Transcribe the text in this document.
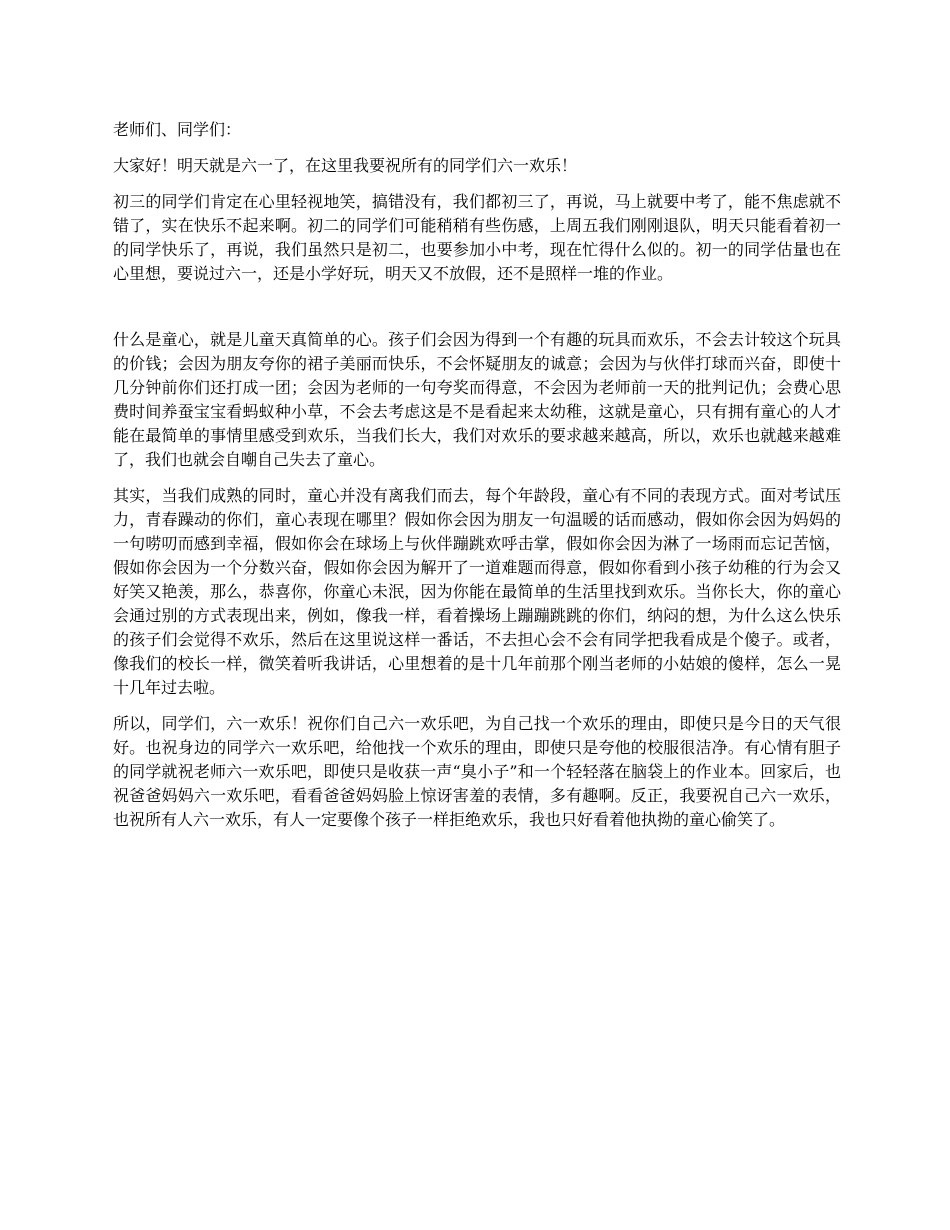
老师们、同学们：

大家好！明天就是六一了，在这里我要祝所有的同学们六一欢乐！

初三的同学们肯定在心里轻视地笑，搞错没有，我们都初三了，再说，马上就要中考了，能不焦虑就不错了，实在快乐不起来啊。初二的同学们可能稍稍有些伤感，上周五我们刚刚退队，明天只能看着初一的同学快乐了，再说，我们虽然只是初二，也要参加小中考，现在忙得什么似的。初一的同学估量也在心里想，要说过六一，还是小学好玩，明天又不放假，还不是照样一堆的作业。

什么是童心，就是儿童天真简单的心。孩子们会因为得到一个有趣的玩具而欢乐，不会去计较这个玩具的价钱；会因为朋友夸你的裙子美丽而快乐，不会怀疑朋友的诚意；会因为与伙伴打球而兴奋，即使十几分钟前你们还打成一团；会因为老师的一句夸奖而得意，不会因为老师前一天的批判记仇；会费心思费时间养蚕宝宝看蚂蚁种小草，不会去考虑这是不是看起来太幼稚，这就是童心，只有拥有童心的人才能在最简单的事情里感受到欢乐，当我们长大，我们对欢乐的要求越来越高，所以，欢乐也就越来越难了，我们也就会自嘲自己失去了童心。

其实，当我们成熟的同时，童心并没有离我们而去，每个年龄段，童心有不同的表现方式。面对考试压力，青春躁动的你们，童心表现在哪里？假如你会因为朋友一句温暖的话而感动，假如你会因为妈妈的一句唠叨而感到幸福，假如你会在球场上与伙伴蹦跳欢呼击掌，假如你会因为淋了一场雨而忘记苦恼，假如你会因为一个分数兴奋，假如你会因为解开了一道难题而得意，假如你看到小孩子幼稚的行为会又好笑又艳羡，那么，恭喜你，你童心未泯，因为你能在最简单的生活里找到欢乐。当你长大，你的童心会通过别的方式表现出来，例如，像我一样，看着操场上蹦蹦跳跳的你们，纳闷的想，为什么这么快乐的孩子们会觉得不欢乐，然后在这里说这样一番话，不去担心会不会有同学把我看成是个傻子。或者，像我们的校长一样，微笑着听我讲话，心里想着的是十几年前那个刚当老师的小姑娘的傻样，怎么一晃十几年过去啦。

所以，同学们，六一欢乐！祝你们自己六一欢乐吧，为自己找一个欢乐的理由，即使只是今日的天气很好。也祝身边的同学六一欢乐吧，给他找一个欢乐的理由，即使只是夸他的校服很洁净。有心情有胆子的同学就祝老师六一欢乐吧，即使只是收获一声“臭小子”和一个轻轻落在脑袋上的作业本。回家后，也祝爸爸妈妈六一欢乐吧，看看爸爸妈妈脸上惊讶害羞的表情，多有趣啊。反正，我要祝自己六一欢乐，也祝所有人六一欢乐，有人一定要像个孩子一样拒绝欢乐，我也只好看着他执拗的童心偷笑了。
